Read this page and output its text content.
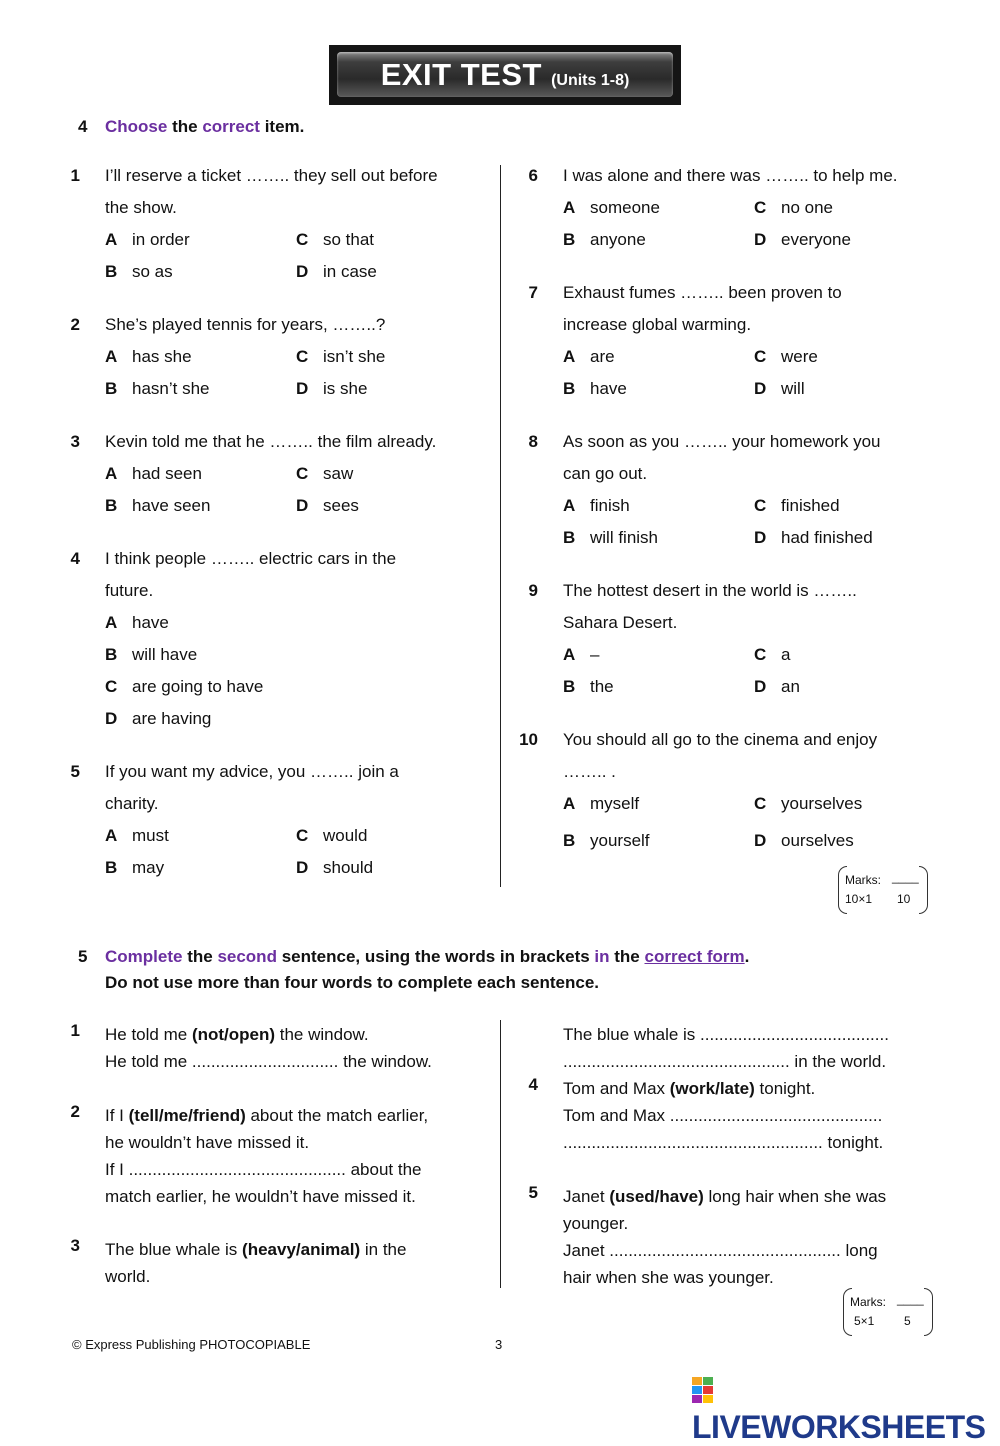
EXIT TEST (Units 1-8)
4 Choose the correct item.
1 I’ll reserve a ticket …….. they sell out before
the show.
A in order
B so as
C so that
D in case
2 She’s played tennis for years, ……..?
A has she
B hasn’t she
C isn’t she
D is she
3 Kevin told me that he …….. the film already.
A had seen
B have seen
C saw
D sees
4 I think people …….. electric cars in the
future.
A have
B will have
C are going to have
D are having
5 If you want my advice, you …….. join a
charity.
A must
B may
C would
D should
6 I was alone and there was …….. to help me.
A someone
B anyone
C no one
D everyone
7 Exhaust fumes …….. been proven to
increase global warming.
A are
B have
C were
D will
8 As soon as you …….. your homework you
can go out.
A finish
B will finish
C finished
D had finished
9 The hottest desert in the world is ……..
Sahara Desert.
A –
B the
C a
D an
10 You should all go to the cinema and enjoy
…….. .
A myself
B yourself
C yourselves
D ourselves
Marks: ____
10×1 10
5 Complete the second sentence, using the words in brackets in the correct form.
Do not use more than four words to complete each sentence.
1 He told me (not/open) the window.
He told me ............................... the window.
2 If I (tell/me/friend) about the match earlier,
he wouldn’t have missed it.
If I .............................................. about the
match earlier, he wouldn’t have missed it.
3 The blue whale is (heavy/animal) in the
world.
The blue whale is ........................................
................................................ in the world.
4 Tom and Max (work/late) tonight.
Tom and Max .............................................
....................................................... tonight.
5 Janet (used/have) long hair when she was
younger.
Janet ................................................. long
hair when she was younger.
Marks: ____
5×1 5
© Express Publishing PHOTOCOPIABLE	3
LIVEWORKSHEETS
